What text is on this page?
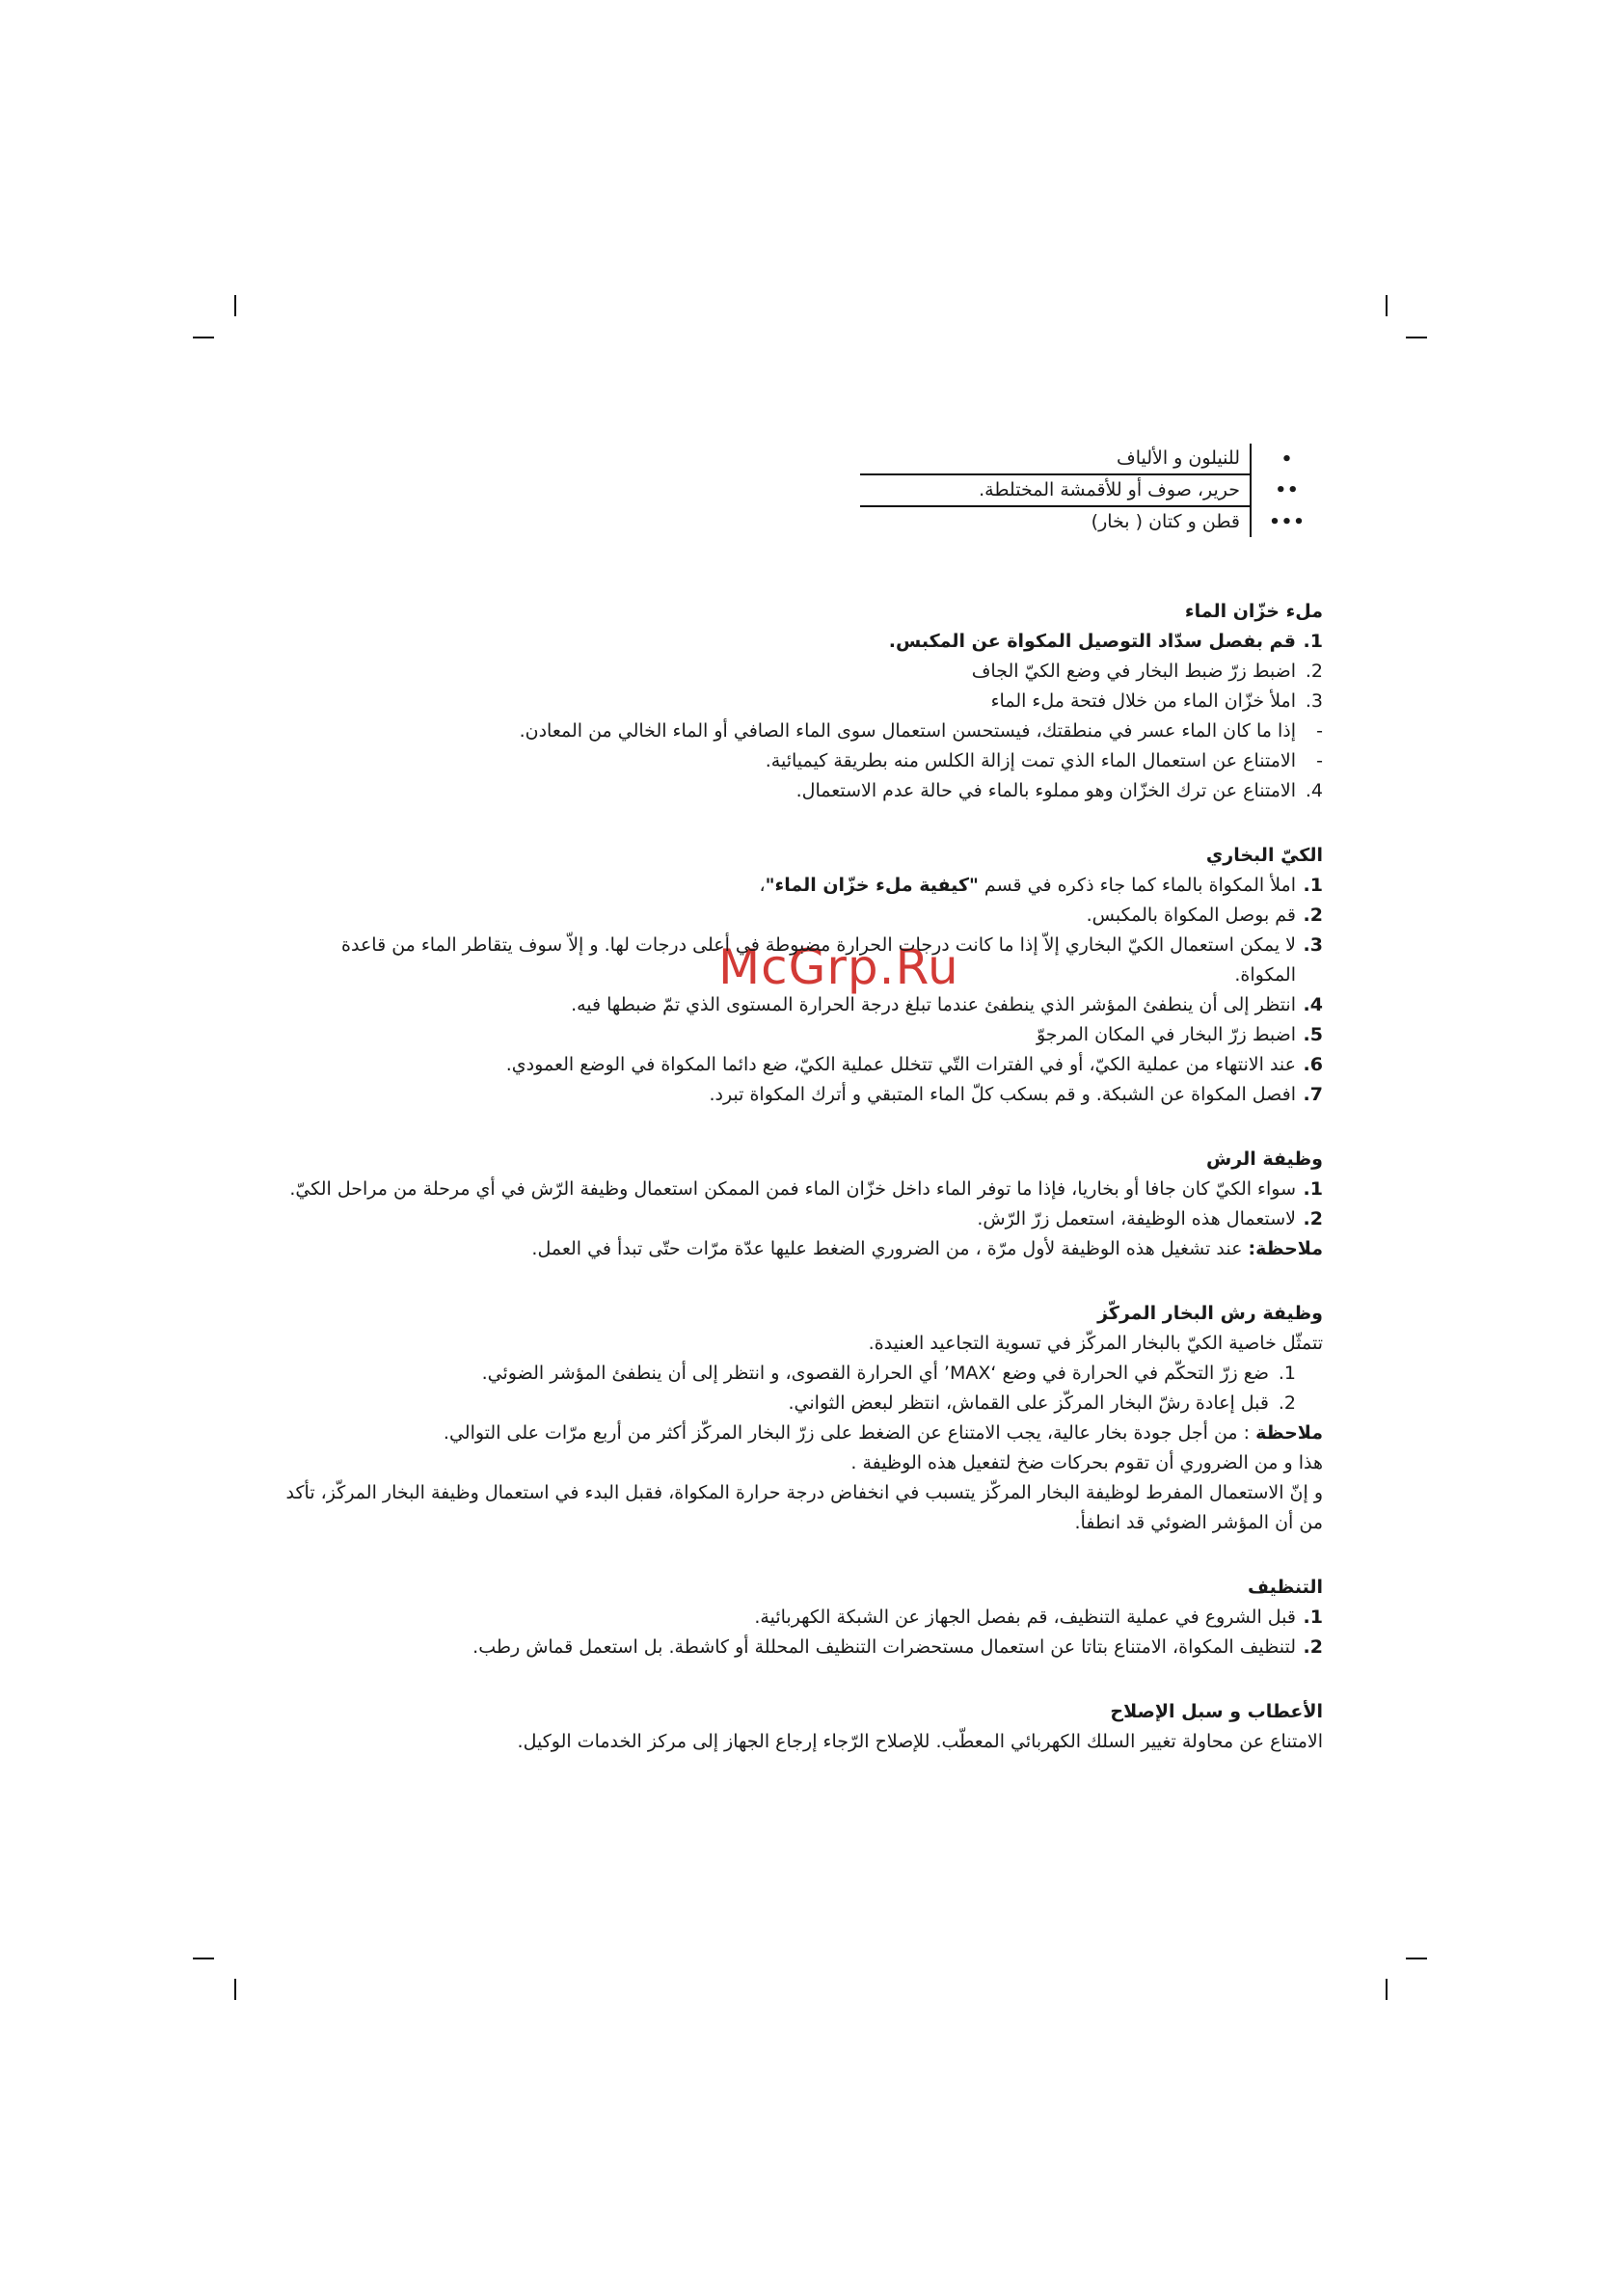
McGrp.Ru
•	للنيلون و الألياف
••	حرير، صوف أو للأقمشة المختلطة.
•••	قطن و كتان ( بخار)

ملء خزّان الماء

1.
قم بفصل سدّاد التوصيل المكواة عن المكبس.
2.
اضبط زرّ ضبط البخار في وضع الكيّ الجاف
3.
املأ خزّان الماء من خلال فتحة ملء الماء
-
إذا ما كان الماء عسر في منطقتك، فيستحسن استعمال سوى الماء الصافي أو الماء الخالي من المعادن.
-
الامتناع عن استعمال الماء الذي تمت إزالة الكلس منه بطريقة كيميائية.
4.
الامتناع عن ترك الخزّان وهو مملوء بالماء في حالة عدم الاستعمال.

الكيّ البخاري

1.
املأ المكواة بالماء كما جاء ذكره في قسم "كيفية ملء خزّان الماء"،
2.
قم بوصل المكواة بالمكبس.
3.
لا يمكن استعمال الكيّ البخاري إلاّ إذا ما كانت درجات الحرارة مضبوطة في أعلى درجات لها. و إلاّ سوف يتقاطر الماء من قاعدة المكواة.
4.
انتظر إلى أن ينطفئ المؤشر الذي ينطفئ عندما تبلغ درجة الحرارة المستوى الذي تمّ ضبطها فيه.
5.
اضبط زرّ البخار في المكان المرجوّ
6.
عند الانتهاء من عملية الكيّ، أو في الفترات التّي تتخلل عملية الكيّ، ضع دائما المكواة في الوضع العمودي.
7.
افصل المكواة عن الشبكة. و قم بسكب كلّ الماء المتبقي و أترك المكواة تبرد.

وظيفة الرش

1.
سواء الكيّ كان جافا أو بخاريا، فإذا ما توفر الماء داخل خزّان الماء فمن الممكن استعمال وظيفة الرّش في أي مرحلة من مراحل الكيّ.
2.
لاستعمال هذه الوظيفة، استعمل زرّ الرّش.

ملاحظة: عند تشغيل هذه الوظيفة لأول مرّة ، من الضروري الضغط عليها عدّة مرّات حتّى تبدأ في العمل.

وظيفة رش البخار المركّز

تتمثّل خاصية الكيّ بالبخار المركّز في تسوية التجاعيد العنيدة.

1.
ضع زرّ التحكّم في الحرارة في وضع ‘MAX’ أي الحرارة القصوى، و انتظر إلى أن ينطفئ المؤشر الضوئي.
2.
قبل إعادة رشّ البخار المركّز على القماش، انتظر لبعض الثواني.

ملاحظة : من أجل جودة بخار عالية، يجب الامتناع عن الضغط على زرّ البخار المركّز أكثر من أربع مرّات على التوالي.

هذا و من الضروري أن تقوم بحركات ضخ لتفعيل هذه الوظيفة .

و إنّ الاستعمال المفرط لوظيفة البخار المركّز يتسبب في انخفاض درجة حرارة المكواة، فقبل البدء في استعمال وظيفة البخار المركّز، تأكد من أن المؤشر الضوئي قد انطفأ.

التنظيف

1.
قبل الشروع في عملية التنظيف، قم بفصل الجهاز عن الشبكة الكهربائية.
2.
لتنظيف المكواة، الامتناع بتاتا عن استعمال مستحضرات التنظيف المحللة أو كاشطة. بل استعمل قماش رطب.

الأعطاب و سبل الإصلاح

الامتناع عن محاولة تغيير السلك الكهربائي المعطّب. للإصلاح الرّجاء إرجاع الجهاز إلى مركز الخدمات الوكيل.
